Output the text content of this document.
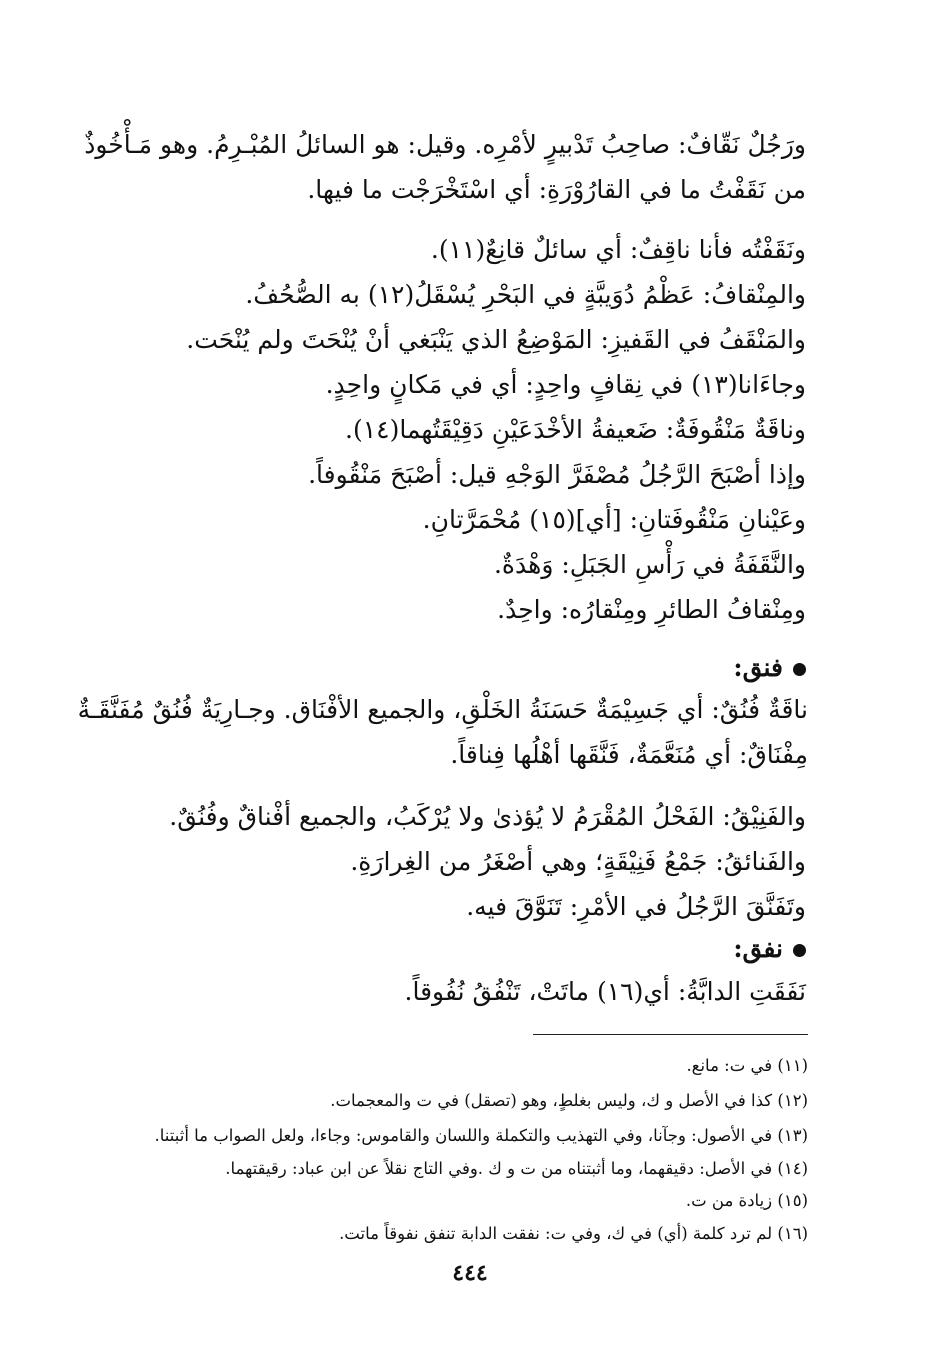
ورَجُلٌ نَقّافٌ: صاحِبُ تَدْبيرٍ لأمْرِه. وقيل: هو السائلُ المُبْـرِمُ. وهو مَـأْخُوذٌ
من نَقَفْتُ ما في القارُوْرَةِ: أي اسْتَخْرَجْت ما فيها.
ونَقَفْتُه فأنا ناقِفٌ: أي سائلٌ قانِعٌ(١١).
والمِنْقافُ: عَظْمُ دُوَيبَّةٍ في البَحْرِ يُسْقَلُ(١٢) به الصُّحُفُ.
والمَنْقَفُ في القَفيزِ: المَوْضِعُ الذي يَنْبَغي أنْ يُنْحَتَ ولم يُنْحَت.
وجاءَانا(١٣) في نِقافٍ واحِدٍ: أي في مَكانٍ واحِدٍ.
وناقَةٌ مَنْقُوفَةٌ: ضَعيفةُ الأخْدَعَيْنِ دَقِيْقَتُهما(١٤).
وإذا أصْبَحَ الرَّجُلُ مُصْفَرَّ الوَجْهِ قيل: أصْبَحَ مَنْقُوفاً.
وعَيْنانِ مَنْقُوفَتانِ: [أي](١٥) مُحْمَرَّتانِ.
والنَّقَفَةُ في رَأْسِ الجَبَلِ: وَهْدَةٌ.
ومِنْقافُ الطائرِ ومِنْقارُه: واحِدٌ.
فنق:
ناقَةٌ فُنُقٌ: أي جَسِيْمَةٌ حَسَنَةُ الخَلْقِ، والجميع الأفْنَاق. وجـارِيَةٌ فُنُقٌ مُفَنَّقَـةٌ
مِفْنَاقٌ: أي مُنَعَّمَةٌ، فَنَّقَها أهْلُها فِناقاً.
والفَنِيْقُ: الفَحْلُ المُقْرَمُ لا يُؤذىٰ ولا يُرْكَبُ، والجميع أفْناقٌ وفُنُقٌ.
والفَنائقُ: جَمْعُ فَنِيْقَةٍ؛ وهي أصْغَرُ من الغِرارَةِ.
وتَفَنَّقَ الرَّجُلُ في الأمْرِ: تَنَوَّقَ فيه.
نفق:
نَفَقَتِ الدابَّةُ: أي(١٦) ماتَتْ، تَنْفُقُ نُفُوقاً.
(١١) في ت: مانع.
(١٢) كذا في الأصل و ك، وليس بغلطٍ، وهو (تصقل) في ت والمعجمات.
(١٣) في الأصول: وجآنا، وفي التهذيب والتكملة واللسان والقاموس: وجاءا، ولعل الصواب ما أثبتنا.
(١٤) في الأصل: دقيقهما، وما أثبتناه من ت و ك .وفي التاج نقلاً عن ابن عباد: رقيقتهما.
(١٥) زيادة من ت.
(١٦) لم ترد كلمة (أي) في ك، وفي ت: نفقت الدابة تنفق نفوقاً ماتت.
٤٤٤
